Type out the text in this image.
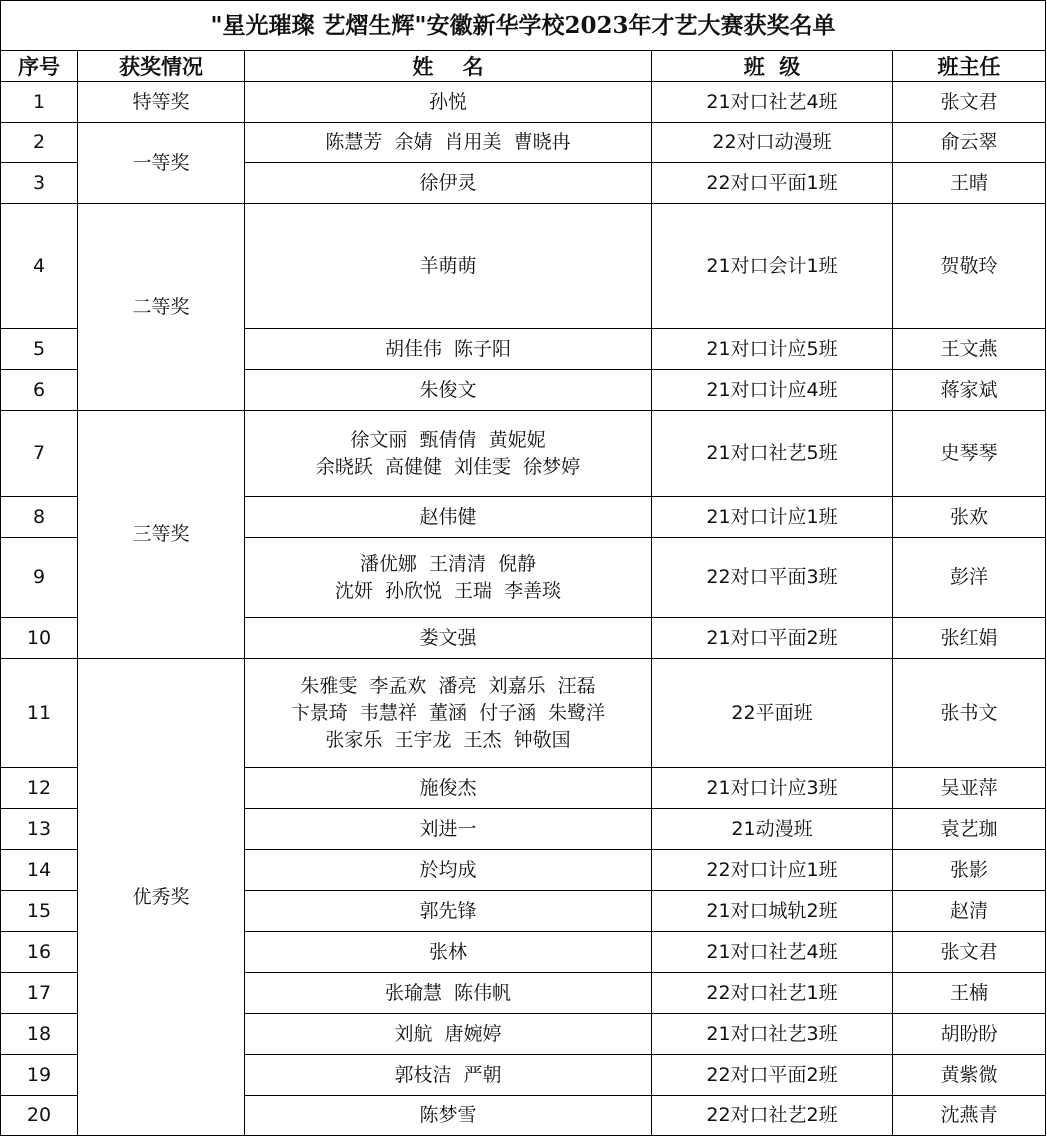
"星光璀璨 艺熠生辉"安徽新华学校2023年才艺大赛获奖名单				
序号	获奖情况	姓    名	班  级	班主任
1	特等奖	孙悦	21对口社艺4班	张文君
2	一等奖	陈慧芳  余婧  肖用美  曹晓冉	22对口动漫班	俞云翠
3		徐伊灵	22对口平面1班	王晴
4	二等奖	羊萌萌	21对口会计1班	贺敬玲
5		胡佳伟  陈子阳	21对口计应5班	王文燕
6		朱俊文	21对口计应4班	蒋家斌
7	三等奖	徐文丽  甄倩倩  黄妮妮
余晓跃  高健健  刘佳雯  徐梦婷	21对口社艺5班	史琴琴
8		赵伟健	21对口计应1班	张欢
9		潘优娜  王清清  倪静
沈妍  孙欣悦  王瑞  李善琰	22对口平面3班	彭洋
10		娄文强	21对口平面2班	张红娟
11	优秀奖	朱雅雯  李孟欢  潘亮  刘嘉乐  汪磊
卞景琦  韦慧祥  董涵  付子涵  朱鹭洋
张家乐  王宇龙  王杰  钟敬国	22平面班	张书文
12		施俊杰	21对口计应3班	吴亚萍
13		刘进一	21动漫班	袁艺珈
14		於均成	22对口计应1班	张影
15		郭先锋	21对口城轨2班	赵清
16		张林	21对口社艺4班	张文君
17		张瑜慧  陈伟帆	22对口社艺1班	王楠
18		刘航  唐婉婷	21对口社艺3班	胡盼盼
19		郭枝洁  严朝	22对口平面2班	黄紫微
20		陈梦雪	22对口社艺2班	沈燕青
